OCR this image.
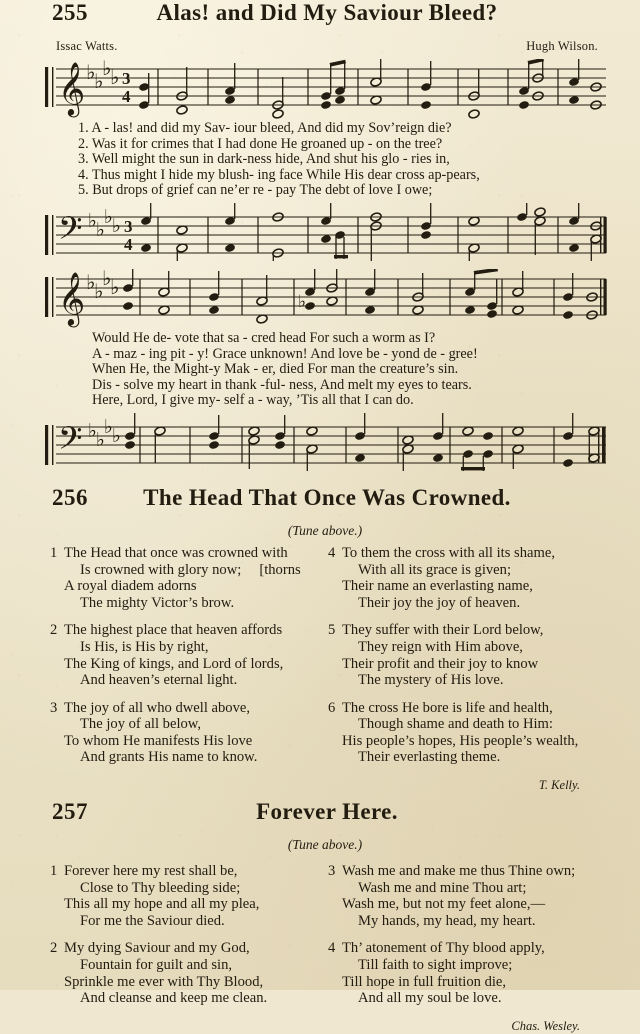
255	Alas! and Did My Saviour Bleed?
Issac Watts.	Hugh Wilson.
𝄞 ♭
♭
♭
♭ 3
4
1. A - las! and did my Sav- iour bleed, And did my Sov’reign die?
2. Was it for crimes that I had done He groaned up - on the tree?
3. Well might the sun in dark-ness hide, And shut his glo - ries in,
4. Thus might I hide my blush- ing face While His dear cross ap-pears,
5. But drops of grief can ne’er re - pay The debt of love I owe;
𝄢 ♭ ♭
♭ ♭ 3
4
𝄞 ♭
♭
♭
♭
♭
Would He de- vote that sa - cred head For such a worm as I?
A - maz - ing pit - y! Grace unknown! And love be - yond de - gree!
When He, the Might-y Mak - er, died For man the creature’s sin.
Dis - solve my heart in thank -ful- ness, And melt my eyes to tears.
Here, Lord, I give my- self a - way, ’Tis all that I can do.
𝄢 ♭ ♭
♭ ♭
256	The Head That Once Was Crowned.
(Tune above.)
1 The Head that once was crowned with
Is crowned with glory now; [thorns
A royal diadem adorns
The mighty Victor’s brow.
2 The highest place that heaven affords
Is His, is His by right,
The King of kings, and Lord of lords,
And heaven’s eternal light.
3 The joy of all who dwell above,
The joy of all below,
To whom He manifests His love
And grants His name to know.
4 To them the cross with all its shame,
With all its grace is given;
Their name an everlasting name,
Their joy the joy of heaven.
5 They suffer with their Lord below,
They reign with Him above,
Their profit and their joy to know
The mystery of His love.
6 The cross He bore is life and health,
Though shame and death to Him:
His people’s hopes, His people’s wealth,
Their everlasting theme.
T. Kelly.
257	Forever Here.
(Tune above.)
1 Forever here my rest shall be,
Close to Thy bleeding side;
This all my hope and all my plea,
For me the Saviour died.
2 My dying Saviour and my God,
Fountain for guilt and sin,
Sprinkle me ever with Thy Blood,
And cleanse and keep me clean.
3 Wash me and make me thus Thine own;
Wash me and mine Thou art;
Wash me, but not my feet alone,—
My hands, my head, my heart.
4 Th’ atonement of Thy blood apply,
Till faith to sight improve;
Till hope in full fruition die,
And all my soul be love.
Chas. Wesley.
